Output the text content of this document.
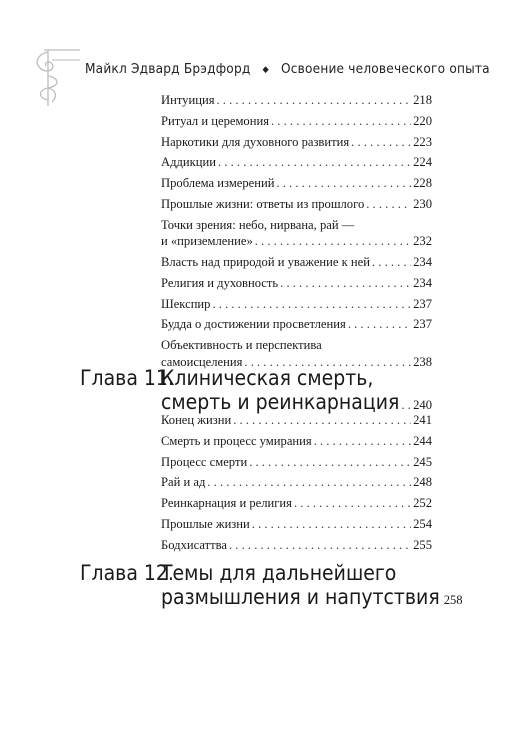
Майкл Эдвард Брэдфорд ◆ Освоение человеческого опыта
Интуиция . . .	218
Ритуал и церемония . . .	220
Наркотики для духовного развития . . .	223
Аддикции . . .	224
Проблема измерений . . .	228
Прошлые жизни: ответы из прошлого . . .	230
Точки зрения: небо, нирвана, рай —
и «приземление» . . .	232
Власть над природой и уважение к ней . . .	234
Религия и духовность . . .	234
Шекспир . . .	237
Будда о достижении просветления . . .	237
Объективность и перспектива
самоисцеления . . .	238
Глава 11.
Клиническая смерть,
смерть и реинкарнация . . . 240
Конец жизни . . .	241
Смерть и процесс умирания . . .	244
Процесс смерти . . .	245
Рай и ад . . .	248
Реинкарнация и религия . . .	252
Прошлые жизни . . .	254
Бодхисаттва . . .	255
Глава 12.
Темы для дальнейшего
размышления и напутствия 258
